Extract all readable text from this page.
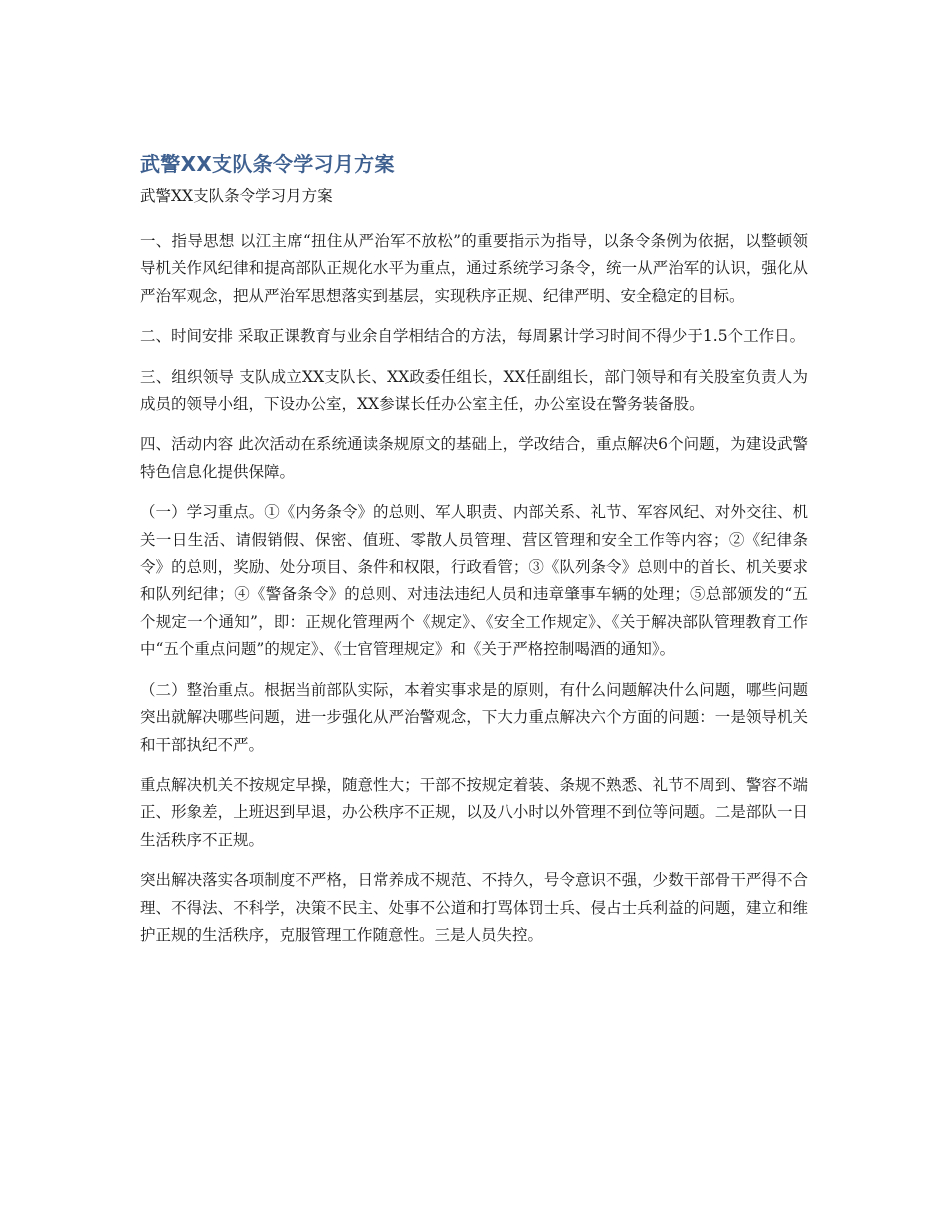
武警XX支队条令学习月方案

武警XX支队条令学习月方案

一、指导思想 以江主席“扭住从严治军不放松”的重要指示为指导，以条令条例为依据，以整顿领导机关作风纪律和提高部队正规化水平为重点，通过系统学习条令，统一从严治军的认识，强化从严治军观念，把从严治军思想落实到基层，实现秩序正规、纪律严明、安全稳定的目标。

二、时间安排 采取正课教育与业余自学相结合的方法，每周累计学习时间不得少于1.5个工作日。

三、组织领导 支队成立XX支队长、XX政委任组长，XX任副组长，部门领导和有关股室负责人为成员的领导小组，下设办公室，XX参谋长任办公室主任，办公室设在警务装备股。

四、活动内容 此次活动在系统通读条规原文的基础上，学改结合，重点解决6个问题，为建设武警特色信息化提供保障。

（一）学习重点。①《内务条令》的总则、军人职责、内部关系、礼节、军容风纪、对外交往、机关一日生活、请假销假、保密、值班、零散人员管理、营区管理和安全工作等内容；②《纪律条令》的总则，奖励、处分项目、条件和权限，行政看管；③《队列条令》总则中的首长、机关要求和队列纪律；④《警备条令》的总则、对违法违纪人员和违章肇事车辆的处理；⑤总部颁发的“五个规定一个通知”，即：正规化管理两个《规定》、《安全工作规定》、《关于解决部队管理教育工作中“五个重点问题”的规定》、《士官管理规定》和《关于严格控制喝酒的通知》。

（二）整治重点。根据当前部队实际，本着实事求是的原则，有什么问题解决什么问题，哪些问题突出就解决哪些问题，进一步强化从严治警观念，下大力重点解决六个方面的问题：一是领导机关和干部执纪不严。

重点解决机关不按规定早操，随意性大；干部不按规定着装、条规不熟悉、礼节不周到、警容不端正、形象差，上班迟到早退，办公秩序不正规，以及八小时以外管理不到位等问题。二是部队一日生活秩序不正规。

突出解决落实各项制度不严格，日常养成不规范、不持久，号令意识不强，少数干部骨干严得不合理、不得法、不科学，决策不民主、处事不公道和打骂体罚士兵、侵占士兵利益的问题，建立和维护正规的生活秩序，克服管理工作随意性。三是人员失控。
